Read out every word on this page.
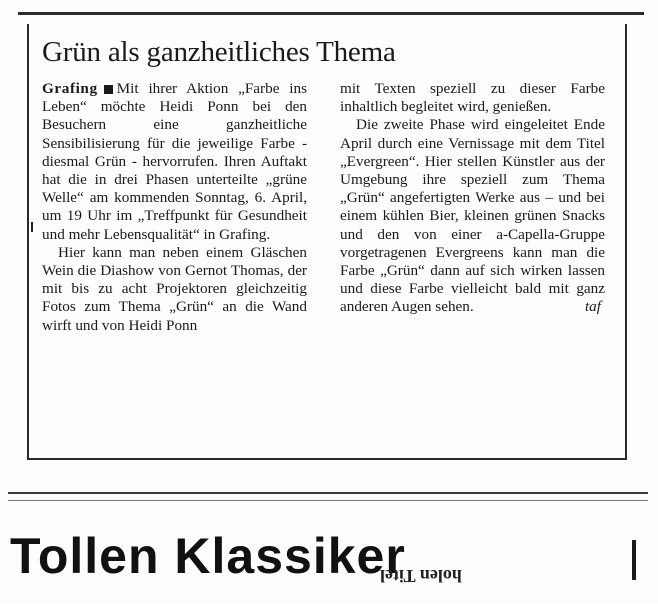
Grün als ganzheitliches Thema

Grafing Mit ihrer Aktion „Farbe ins Leben“ möchte Heidi Ponn bei den Besuchern eine ganzheitliche Sensibilisierung für die jeweilige Farbe - diesmal Grün - hervorrufen. Ihren Auftakt hat die in drei Phasen unterteilte „grüne Welle“ am kommenden Sonntag, 6. April, um 19 Uhr im „Treffpunkt für Gesundheit und mehr Lebensqualität“ in Grafing.

Hier kann man neben einem Gläschen Wein die Diashow von Gernot Thomas, der mit bis zu acht Projektoren gleichzeitig Fotos zum Thema „Grün“ an die Wand wirft und von Heidi Ponn

mit Texten speziell zu dieser Farbe inhaltlich begleitet wird, genießen.

Die zweite Phase wird eingeleitet Ende April durch eine Vernissage mit dem Titel „Evergreen“. Hier stellen Künstler aus der Umgebung ihre speziell zum Thema „Grün“ angefertigten Werke aus – und bei einem kühlen Bier, kleinen grünen Snacks und den von einer a-Capella-Gruppe vorgetragenen Evergreens kann man die Farbe „Grün“ dann auf sich wirken lassen und diese Farbe vielleicht bald mit ganz anderen Augen sehen.	taf

Tollen Klassiker
holen Titel
